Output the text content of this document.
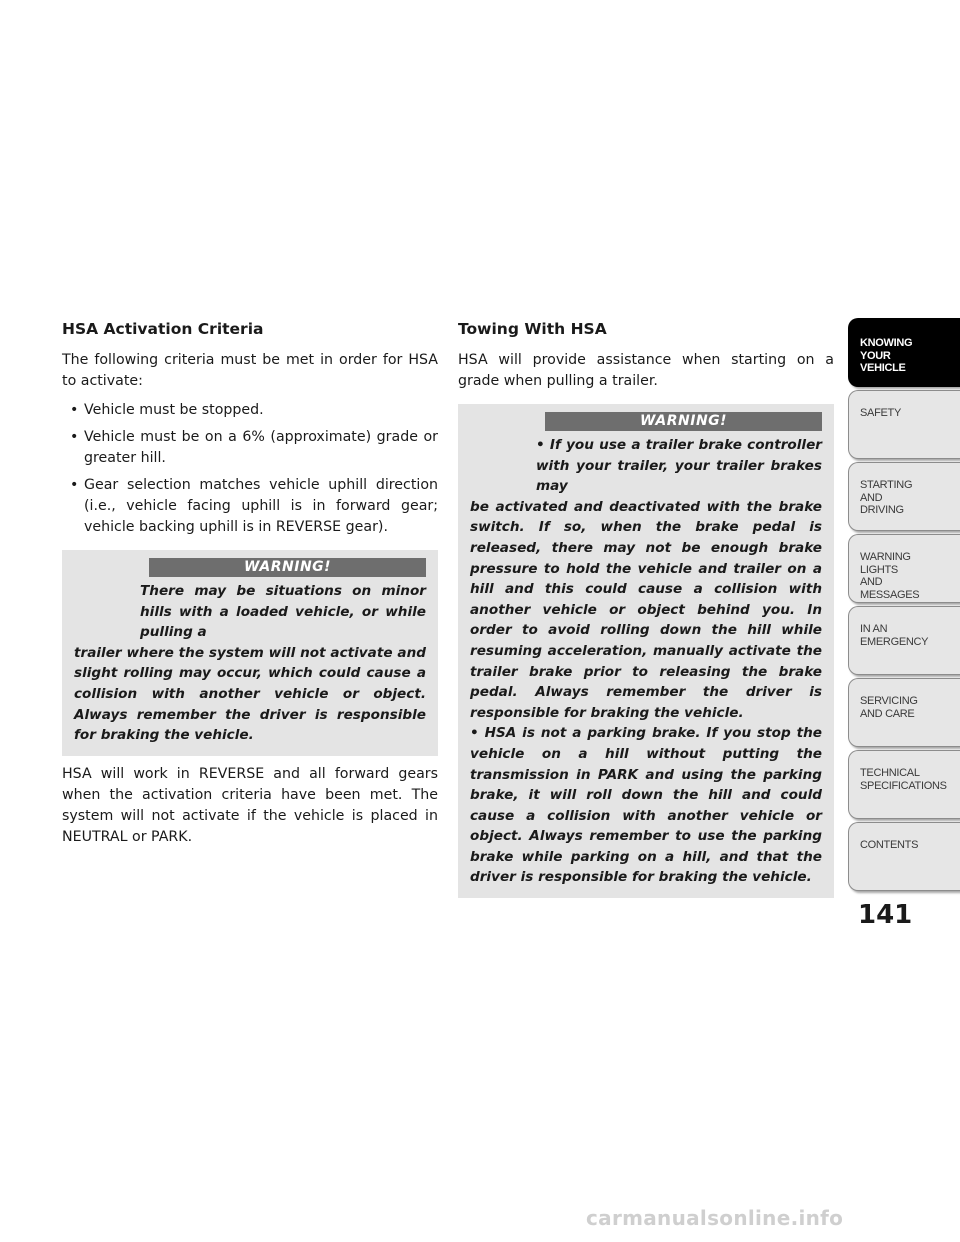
HSA Activation Criteria

The following criteria must be met in order for HSA to activate:

• Vehicle must be stopped.
• Vehicle must be on a 6% (approximate) grade or greater hill.
• Gear selection matches vehicle uphill direction (i.e., vehicle facing uphill is in forward gear; vehicle backing uphill is in REVERSE gear).
WARNING!
There may be situations on minor hills with a loaded vehicle, or while pulling a
trailer where the system will not activate and slight rolling may occur, which could cause a collision with another vehicle or object. Always remember the driver is responsible for braking the vehicle.

HSA will work in REVERSE and all forward gears when the activation criteria have been met. The system will not activate if the vehicle is placed in NEUTRAL or PARK.

Towing With HSA

HSA will provide assistance when starting on a grade when pulling a trailer.

WARNING!
• If you use a trailer brake controller with your trailer, your trailer brakes may
be activated and deactivated with the brake switch. If so, when the brake pedal is released, there may not be enough brake pressure to hold the vehicle and trailer on a hill and this could cause a collision with another vehicle or object behind you. In order to avoid rolling down the hill while resuming acceleration, manually activate the trailer brake prior to releasing the brake pedal. Always remember the driver is responsible for braking the vehicle.
• HSA is not a parking brake. If you stop the vehicle on a hill without putting the transmission in PARK and using the parking brake, it will roll down the hill and could cause a collision with another vehicle or object. Always remember to use the parking brake while parking on a hill, and that the driver is responsible for braking the vehicle.
KNOWING
YOUR
VEHICLE
SAFETY
STARTING
AND
DRIVING
WARNING
LIGHTS
AND
MESSAGES
IN AN
EMERGENCY
SERVICING
AND CARE
TECHNICAL
SPECIFICATIONS
CONTENTS
141
carmanualsonline.info
